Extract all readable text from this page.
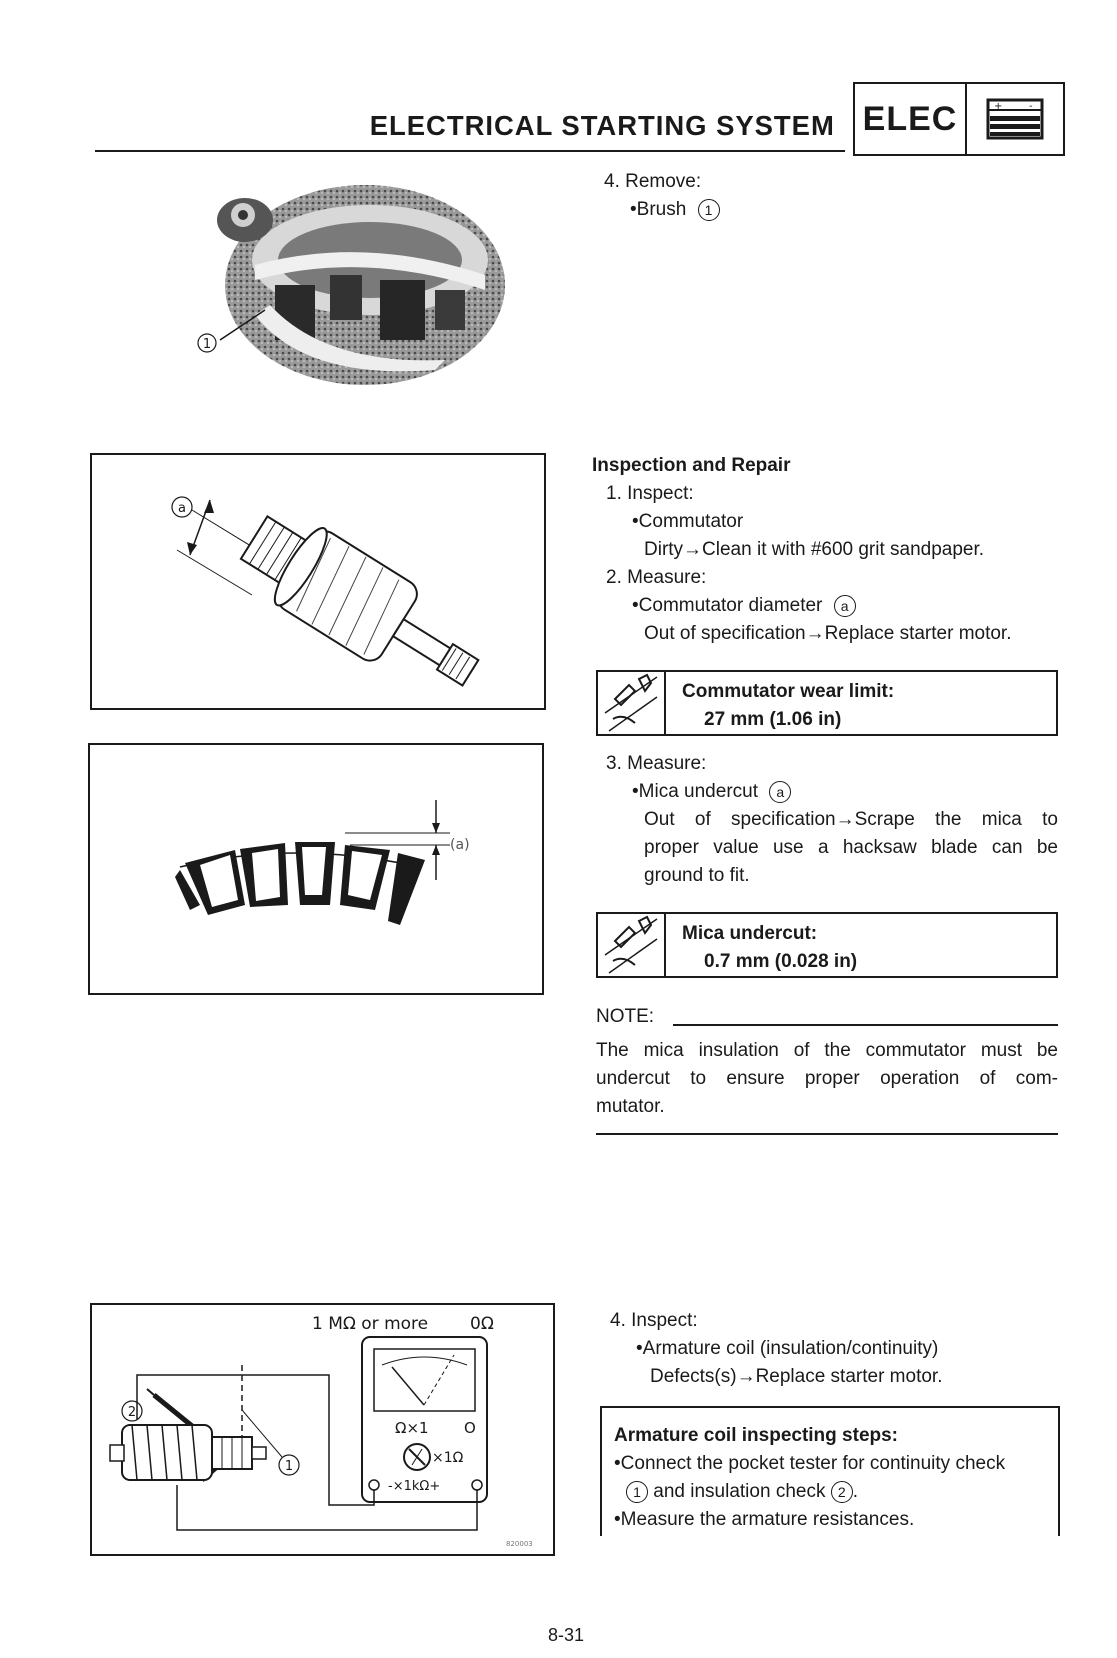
ELECTRICAL STARTING SYSTEM ELEC	+	-
1
4. Remove:
•Brush 1
a
(a)
Inspection and Repair
1. Inspect:
•Commutator
Dirty→Clean it with #600 grit sandpaper.
2. Measure:
•Commutator diameter a
Out of specification→Replace starter motor.
Commutator wear limit:
27 mm (1.06 in)
3. Measure:
•Mica undercut a
Out of specification→Scrape the mica to
proper value use a hacksaw blade can be
ground to fit.
Mica undercut:
0.7 mm (0.028 in)
NOTE:
The mica insulation of the commutator must be
undercut to ensure proper operation of com-
mutator.
1 MΩ or more 0Ω
Ω×1 O
×1Ω
-×1kΩ+
1
2
820003
4. Inspect:
•Armature coil (insulation/continuity)
Defects(s)→Replace starter motor.
Armature coil inspecting steps:
•Connect the pocket tester for continuity check
1 and insulation check 2 .
•Measure the armature resistances.
8-31
